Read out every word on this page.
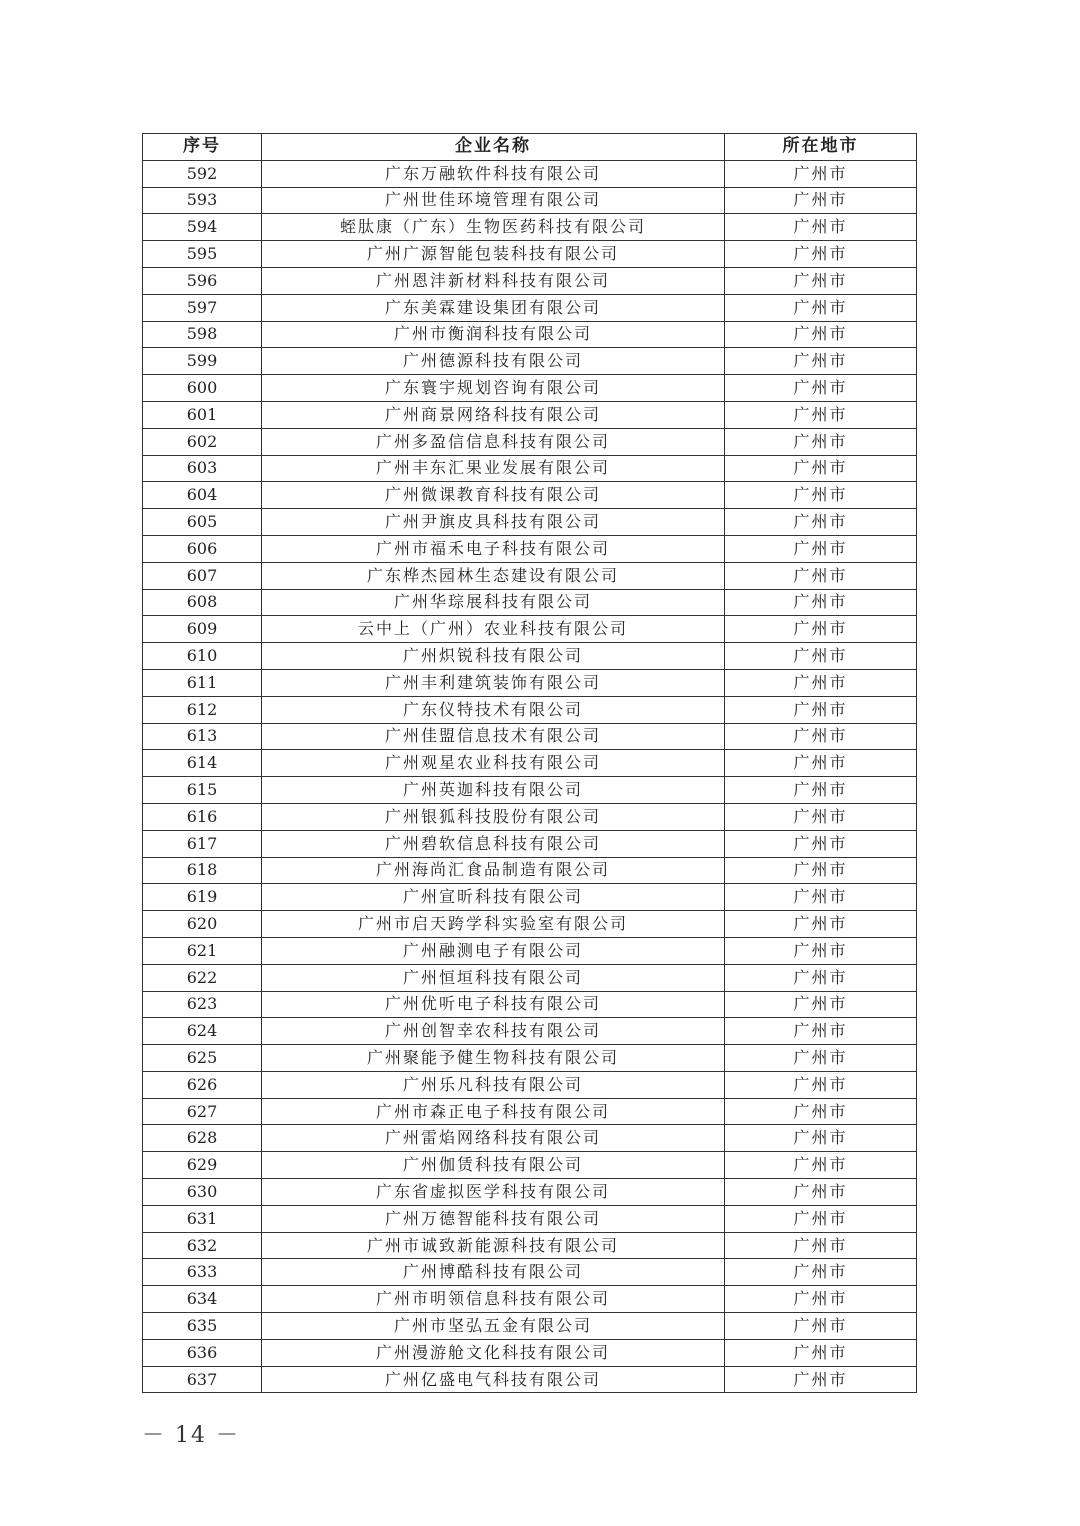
序号	企业名称	所在地市
592	广东万融软件科技有限公司	广州市
593	广州世佳环境管理有限公司	广州市
594	蛭肽康（广东）生物医药科技有限公司	广州市
595	广州广源智能包装科技有限公司	广州市
596	广州恩沣新材料科技有限公司	广州市
597	广东美霖建设集团有限公司	广州市
598	广州市衡润科技有限公司	广州市
599	广州德源科技有限公司	广州市
600	广东寰宇规划咨询有限公司	广州市
601	广州商景网络科技有限公司	广州市
602	广州多盈信信息科技有限公司	广州市
603	广州丰东汇果业发展有限公司	广州市
604	广州微课教育科技有限公司	广州市
605	广州尹旗皮具科技有限公司	广州市
606	广州市福禾电子科技有限公司	广州市
607	广东桦杰园林生态建设有限公司	广州市
608	广州华琮展科技有限公司	广州市
609	云中上（广州）农业科技有限公司	广州市
610	广州炽锐科技有限公司	广州市
611	广州丰利建筑装饰有限公司	广州市
612	广东仪特技术有限公司	广州市
613	广州佳盟信息技术有限公司	广州市
614	广州观星农业科技有限公司	广州市
615	广州英迦科技有限公司	广州市
616	广州银狐科技股份有限公司	广州市
617	广州碧软信息科技有限公司	广州市
618	广州海尚汇食品制造有限公司	广州市
619	广州宣昕科技有限公司	广州市
620	广州市启天跨学科实验室有限公司	广州市
621	广州融测电子有限公司	广州市
622	广州恒垣科技有限公司	广州市
623	广州优听电子科技有限公司	广州市
624	广州创智幸农科技有限公司	广州市
625	广州聚能予健生物科技有限公司	广州市
626	广州乐凡科技有限公司	广州市
627	广州市森正电子科技有限公司	广州市
628	广州雷焰网络科技有限公司	广州市
629	广州伽赁科技有限公司	广州市
630	广东省虚拟医学科技有限公司	广州市
631	广州万德智能科技有限公司	广州市
632	广州市诚致新能源科技有限公司	广州市
633	广州博酷科技有限公司	广州市
634	广州市明领信息科技有限公司	广州市
635	广州市坚弘五金有限公司	广州市
636	广州漫游舱文化科技有限公司	广州市
637	广州亿盛电气科技有限公司	广州市
－ 14 －
